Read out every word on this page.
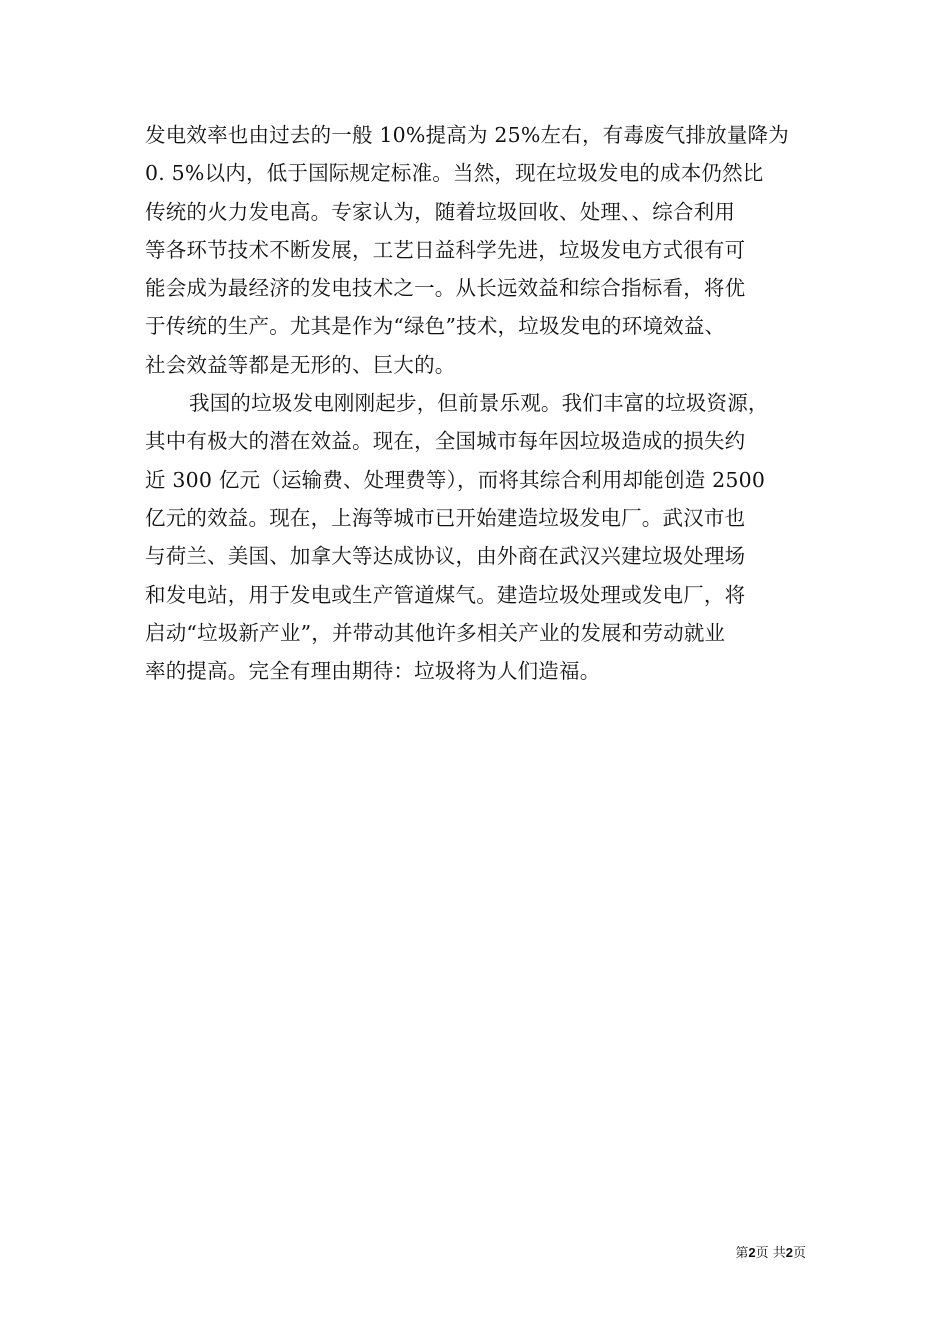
发电效率也由过去的一般 10%提高为 25%左右，有毒废气排放量降为
0. 5%以内，低于国际规定标准。当然，现在垃圾发电的成本仍然比
传统的火力发电高。专家认为，随着垃圾回收、处理、、综合利用
等各环节技术不断发展，工艺日益科学先进，垃圾发电方式很有可
能会成为最经济的发电技术之一。从长远效益和综合指标看，将优
于传统的生产。尤其是作为“绿色”技术，垃圾发电的环境效益、
社会效益等都是无形的、巨大的。
我国的垃圾发电刚刚起步，但前景乐观。我们丰富的垃圾资源，
其中有极大的潜在效益。现在，全国城市每年因垃圾造成的损失约
近 300 亿元（运输费、处理费等），而将其综合利用却能创造 2500
亿元的效益。现在，上海等城市已开始建造垃圾发电厂。武汉市也
与荷兰、美国、加拿大等达成协议，由外商在武汉兴建垃圾处理场
和发电站，用于发电或生产管道煤气。建造垃圾处理或发电厂，将
启动“垃圾新产业”，并带动其他许多相关产业的发展和劳动就业
率的提高。完全有理由期待：垃圾将为人们造福。
第2页 共2页
